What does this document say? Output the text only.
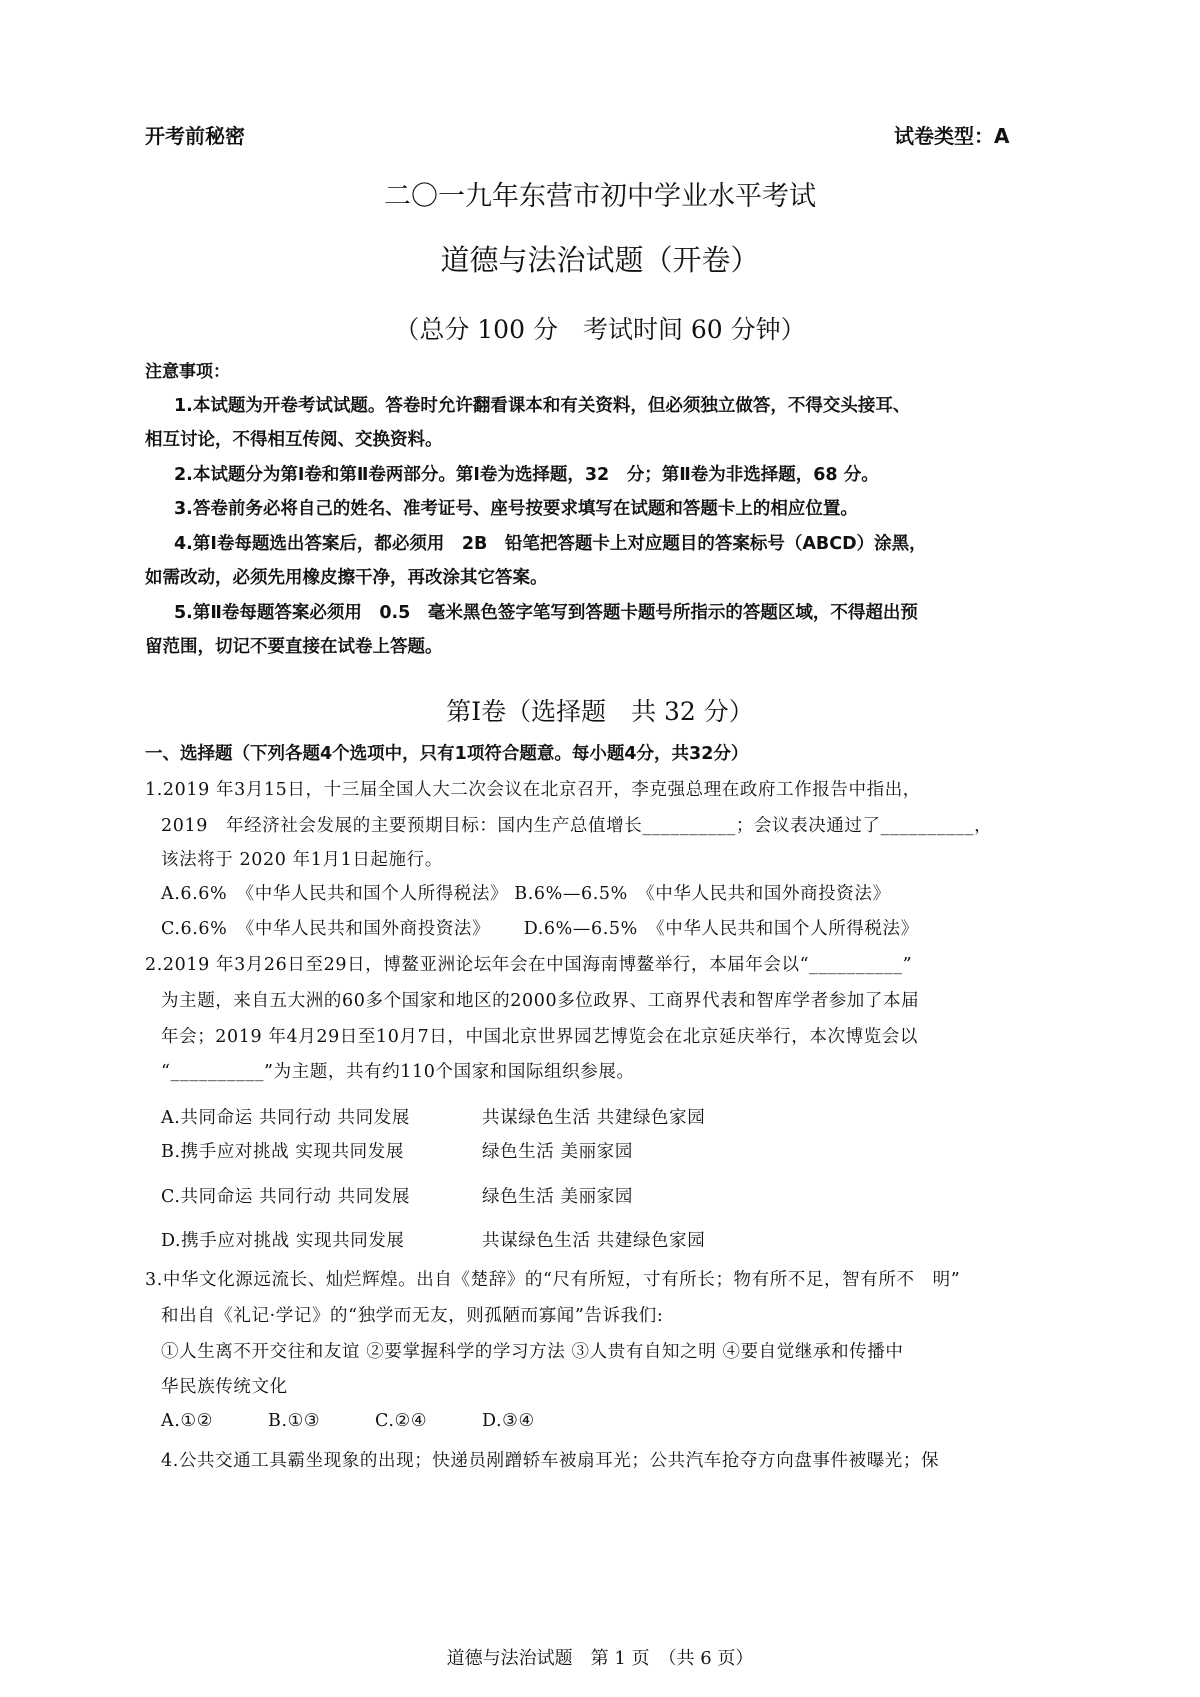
开考前秘密	试卷类型：A
二〇一九年东营市初中学业水平考试
道德与法治试题（开卷）
（总分 100 分　考试时间 60 分钟）
注意事项：
1.本试题为开卷考试试题。答卷时允许翻看课本和有关资料，但必须独立做答，不得交头接耳、
相互讨论，不得相互传阅、交换资料。
2.本试题分为第Ⅰ卷和第Ⅱ卷两部分。第Ⅰ卷为选择题，32　分；第Ⅱ卷为非选择题，68 分。
3.答卷前务必将自己的姓名、准考证号、座号按要求填写在试题和答题卡上的相应位置。
4.第Ⅰ卷每题选出答案后，都必须用　2B　铅笔把答题卡上对应题目的答案标号（ABCD）涂黑，
如需改动，必须先用橡皮擦干净，再改涂其它答案。
5.第Ⅱ卷每题答案必须用　0.5　毫米黑色签字笔写到答题卡题号所指示的答题区域，不得超出预
留范围，切记不要直接在试卷上答题。
第Ⅰ卷（选择题　共 32 分）
一、选择题（下列各题4个选项中，只有1项符合题意。每小题4分，共32分）
1.2019 年3月15日，十三届全国人大二次会议在北京召开，李克强总理在政府工作报告中指出，
2019　年经济社会发展的主要预期目标：国内生产总值增长__________；会议表决通过了__________，
该法将于 2020 年1月1日起施行。
A.6.6%　《中华人民共和国个人所得税法》 B.6%—6.5%　《中华人民共和国外商投资法》
C.6.6%　《中华人民共和国外商投资法》　　 D.6%—6.5%　《中华人民共和国个人所得税法》
2.2019 年3月26日至29日，博鳌亚洲论坛年会在中国海南博鳌举行，本届年会以“__________”
为主题，来自五大洲的60多个国家和地区的2000多位政界、工商界代表和智库学者参加了本届
年会；2019 年4月29日至10月7日，中国北京世界园艺博览会在北京延庆举行，本次博览会以
“__________”为主题，共有约110个国家和国际组织参展。
A.共同命运 共同行动 共同发展	共谋绿色生活 共建绿色家园
B.携手应对挑战 实现共同发展	绿色生活 美丽家园
C.共同命运 共同行动 共同发展	绿色生活 美丽家园
D.携手应对挑战 实现共同发展	共谋绿色生活 共建绿色家园
3.中华文化源远流长、灿烂辉煌。出自《楚辞》的“尺有所短，寸有所长；物有所不足，智有所不　明”
和出自《礼记·学记》的“独学而无友，则孤陋而寡闻”告诉我们:
①人生离不开交往和友谊 ②要掌握科学的学习方法 ③人贵有自知之明 ④要自觉继承和传播中
华民族传统文化
A.①②	B.①③	C.②④	D.③④
4.公共交通工具霸坐现象的出现；快递员剐蹭轿车被扇耳光；公共汽车抢夺方向盘事件被曝光；保
道德与法治试题　第 1 页　（共 6 页）
